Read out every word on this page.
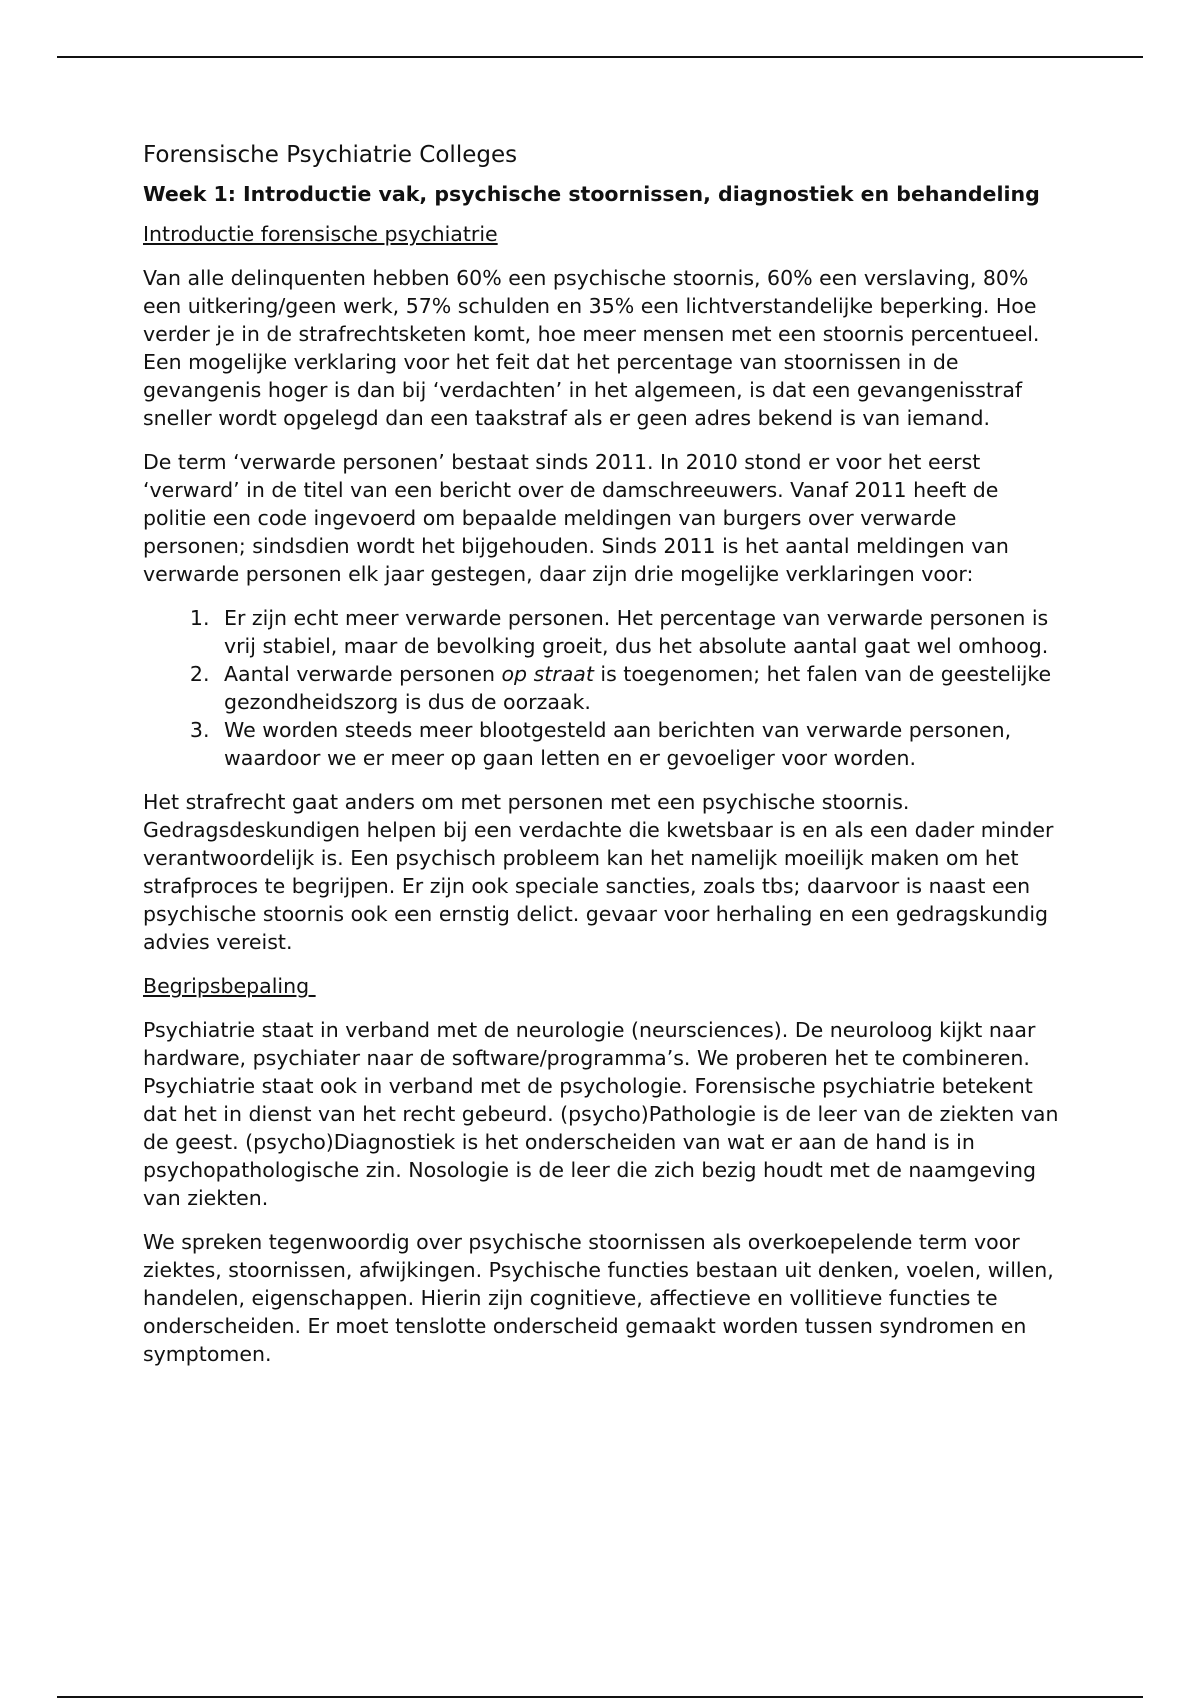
Forensische Psychiatrie Colleges
Week 1: Introductie vak, psychische stoornissen, diagnostiek en behandeling
Introductie forensische psychiatrie

Van alle delinquenten hebben 60% een psychische stoornis, 60% een verslaving, 80% een uitkering/geen werk, 57% schulden en 35% een lichtverstandelijke beperking. Hoe verder je in de strafrechtsketen komt, hoe meer mensen met een stoornis percentueel. Een mogelijke verklaring voor het feit dat het percentage van stoornissen in de gevangenis hoger is dan bij ‘verdachten’ in het algemeen, is dat een gevangenisstraf sneller wordt opgelegd dan een taakstraf als er geen adres bekend is van iemand.

De term ‘verwarde personen’ bestaat sinds 2011. In 2010 stond er voor het eerst ‘verward’ in de titel van een bericht over de damschreeuwers. Vanaf 2011 heeft de politie een code ingevoerd om bepaalde meldingen van burgers over verwarde personen; sindsdien wordt het bijgehouden. Sinds 2011 is het aantal meldingen van verwarde personen elk jaar gestegen, daar zijn drie mogelijke verklaringen voor:

1. Er zijn echt meer verwarde personen. Het percentage van verwarde personen is vrij stabiel, maar de bevolking groeit, dus het absolute aantal gaat wel omhoog.
2. Aantal verwarde personen op straat is toegenomen; het falen van de geestelijke gezondheidszorg is dus de oorzaak.
3. We worden steeds meer blootgesteld aan berichten van verwarde personen, waardoor we er meer op gaan letten en er gevoeliger voor worden.

Het strafrecht gaat anders om met personen met een psychische stoornis. Gedragsdeskundigen helpen bij een verdachte die kwetsbaar is en als een dader minder verantwoordelijk is. Een psychisch probleem kan het namelijk moeilijk maken om het strafproces te begrijpen. Er zijn ook speciale sancties, zoals tbs; daarvoor is naast een psychische stoornis ook een ernstig delict. gevaar voor herhaling en een gedragskundig advies vereist.

Begripsbepaling

Psychiatrie staat in verband met de neurologie (neursciences). De neuroloog kijkt naar hardware, psychiater naar de software/programma’s. We proberen het te combineren. Psychiatrie staat ook in verband met de psychologie. Forensische psychiatrie betekent dat het in dienst van het recht gebeurd. (psycho)Pathologie is de leer van de ziekten van de geest. (psycho)Diagnostiek is het onderscheiden van wat er aan de hand is in psychopathologische zin. Nosologie is de leer die zich bezig houdt met de naamgeving van ziekten.

We spreken tegenwoordig over psychische stoornissen als overkoepelende term voor ziektes, stoornissen, afwijkingen. Psychische functies bestaan uit denken, voelen, willen, handelen, eigenschappen. Hierin zijn cognitieve, affectieve en vollitieve functies te onderscheiden. Er moet tenslotte onderscheid gemaakt worden tussen syndromen en symptomen.
